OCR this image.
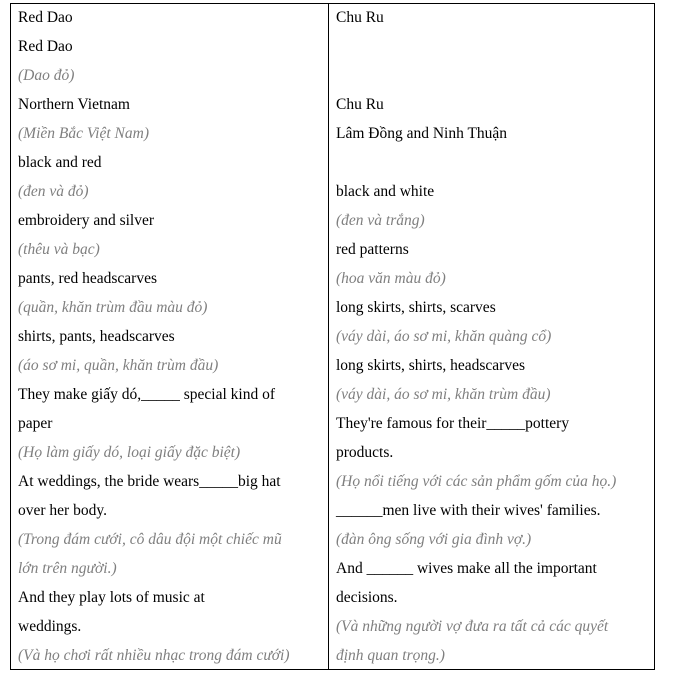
Red Dao
Red Dao
(Dao đỏ)
Northern Vietnam
(Miền Bắc Việt Nam)
black and red
(đen và đỏ)
embroidery and silver
(thêu và bạc)
pants, red headscarves
(quần, khăn trùm đầu màu đỏ)
shirts, pants, headscarves
(áo sơ mi, quần, khăn trùm đầu)
They make giấy dó,_____ special kind of
paper
(Họ làm giấy dó, loại giấy đặc biệt)
At weddings, the bride wears_____big hat
over her body.
(Trong đám cưới, cô dâu đội một chiếc mũ
lớn trên người.)
And they play lots of music at
weddings.
(Và họ chơi rất nhiều nhạc trong đám cưới)
Chu Ru
Chu Ru
Lâm Đồng and Ninh Thuận
black and white
(đen và trắng)
red patterns
(hoa văn màu đỏ)
long skirts, shirts, scarves
(váy dài, áo sơ mi, khăn quàng cổ)
long skirts, shirts, headscarves
(váy dài, áo sơ mi, khăn trùm đầu)
They're famous for their_____pottery
products.
(Họ nổi tiếng với các sản phẩm gốm của họ.)
______men live with their wives' families.
(đàn ông sống với gia đình vợ.)
And ______ wives make all the important
decisions.
(Và những người vợ đưa ra tất cả các quyết
định quan trọng.)
